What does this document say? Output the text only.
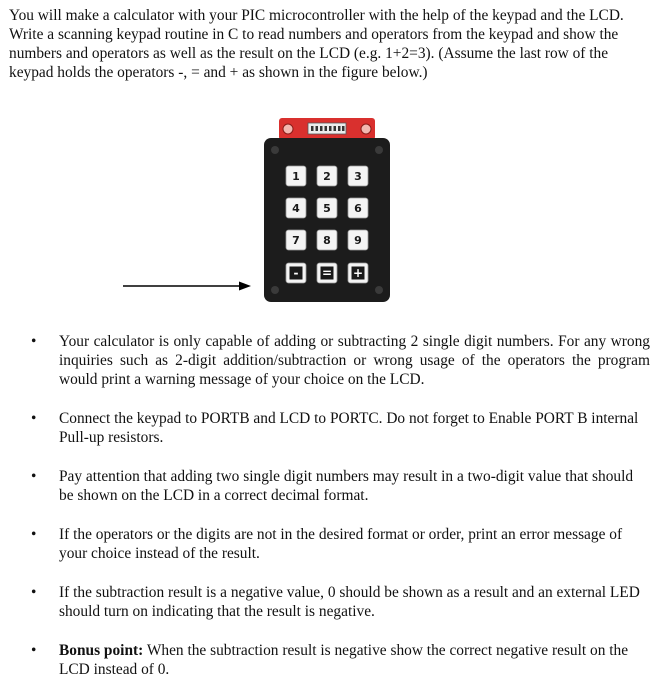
You will make a calculator with your PIC microcontroller with the help of the keypad and the LCD.

Write a scanning keypad routine in C to read numbers and operators from the keypad and show the numbers and operators as well as the result on the LCD (e.g. 1+2=3). (Assume the last row of the keypad holds the operators -, = and + as shown in the figure below.)

1 2 3
4 5 6
7 8 9
- = +
• Your calculator is only capable of adding or subtracting 2 single digit numbers. For any wrong inquiries such as 2-digit addition/subtraction or wrong usage of the operators the program would print a warning message of your choice on the LCD.
• Connect the keypad to PORTB and LCD to PORTC. Do not forget to Enable PORT B internal Pull-up resistors.
• Pay attention that adding two single digit numbers may result in a two-digit value that should be shown on the LCD in a correct decimal format.
• If the operators or the digits are not in the desired format or order, print an error message of your choice instead of the result.
• If the subtraction result is a negative value, 0 should be shown as a result and an external LED should turn on indicating that the result is negative.
• Bonus point: When the subtraction result is negative show the correct negative result on the LCD instead of 0.
